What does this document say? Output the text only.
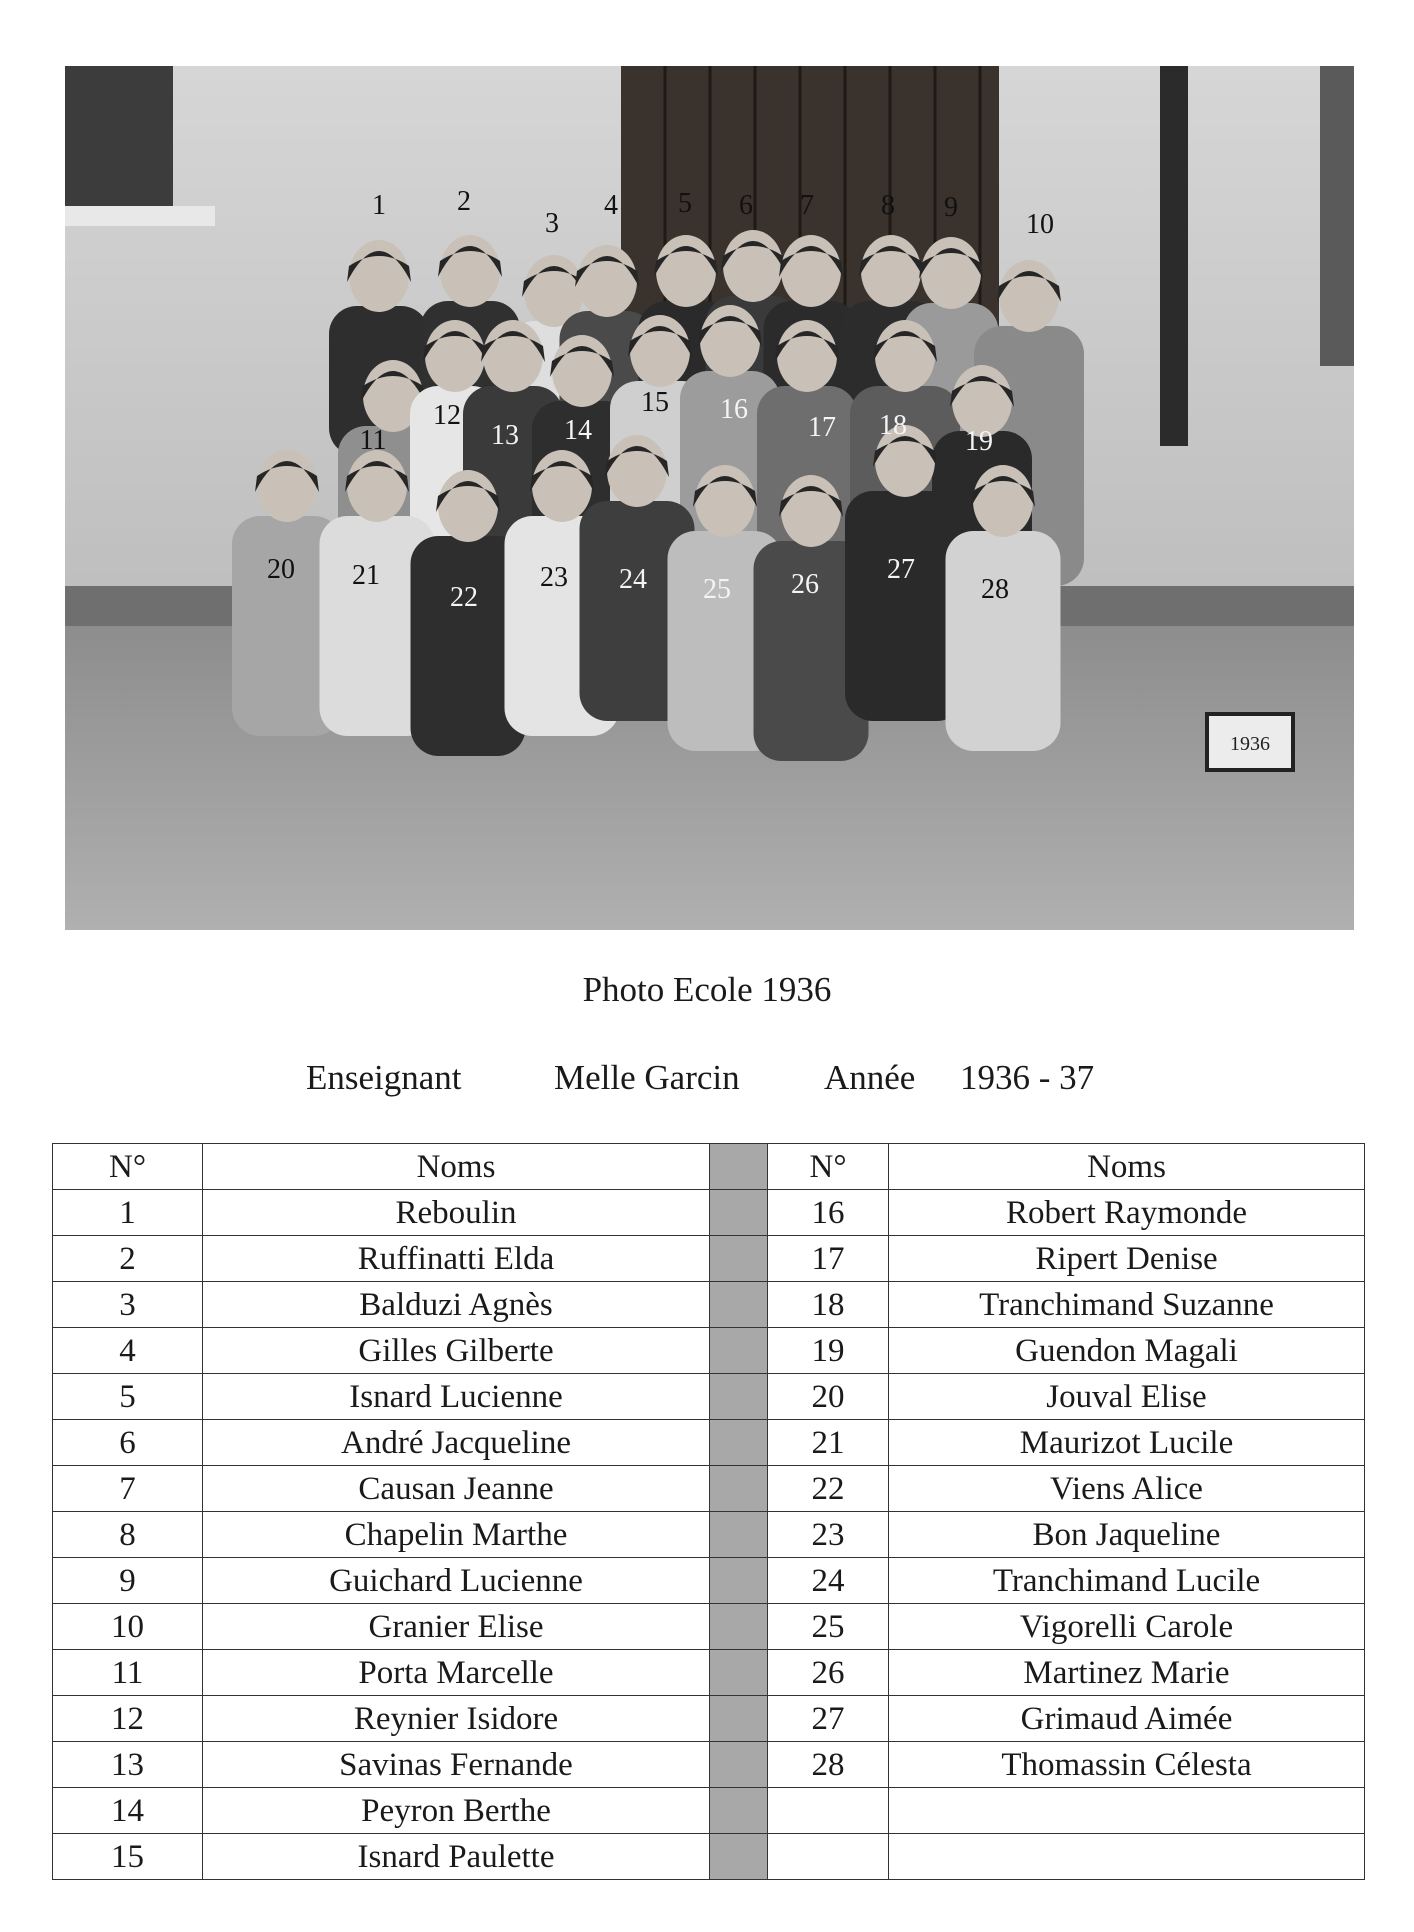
1936
1	2
3
4 5 6 7 8 9
10
11
12
13 14
15 16
17 18
19
20 21
22
23 24 25 26 27
28
Photo Ecole 1936

Enseignant

	Melle Garcin

Année

1936 - 37

N°	Noms		N°	Noms
1	Reboulin		16	Robert Raymonde
2	Ruffinatti Elda		17	Ripert Denise
3	Balduzi Agnès		18	Tranchimand Suzanne
4	Gilles Gilberte		19	Guendon Magali
5	Isnard Lucienne		20	Jouval Elise
6	André Jacqueline		21	Maurizot Lucile
7	Causan Jeanne		22	Viens Alice
8	Chapelin Marthe		23	Bon Jaqueline
9	Guichard Lucienne		24	Tranchimand Lucile
10	Granier Elise		25	Vigorelli Carole
11	Porta Marcelle		26	Martinez Marie
12	Reynier Isidore		27	Grimaud Aimée
13	Savinas Fernande		28	Thomassin Célesta
14	Peyron Berthe			
15	Isnard Paulette			
